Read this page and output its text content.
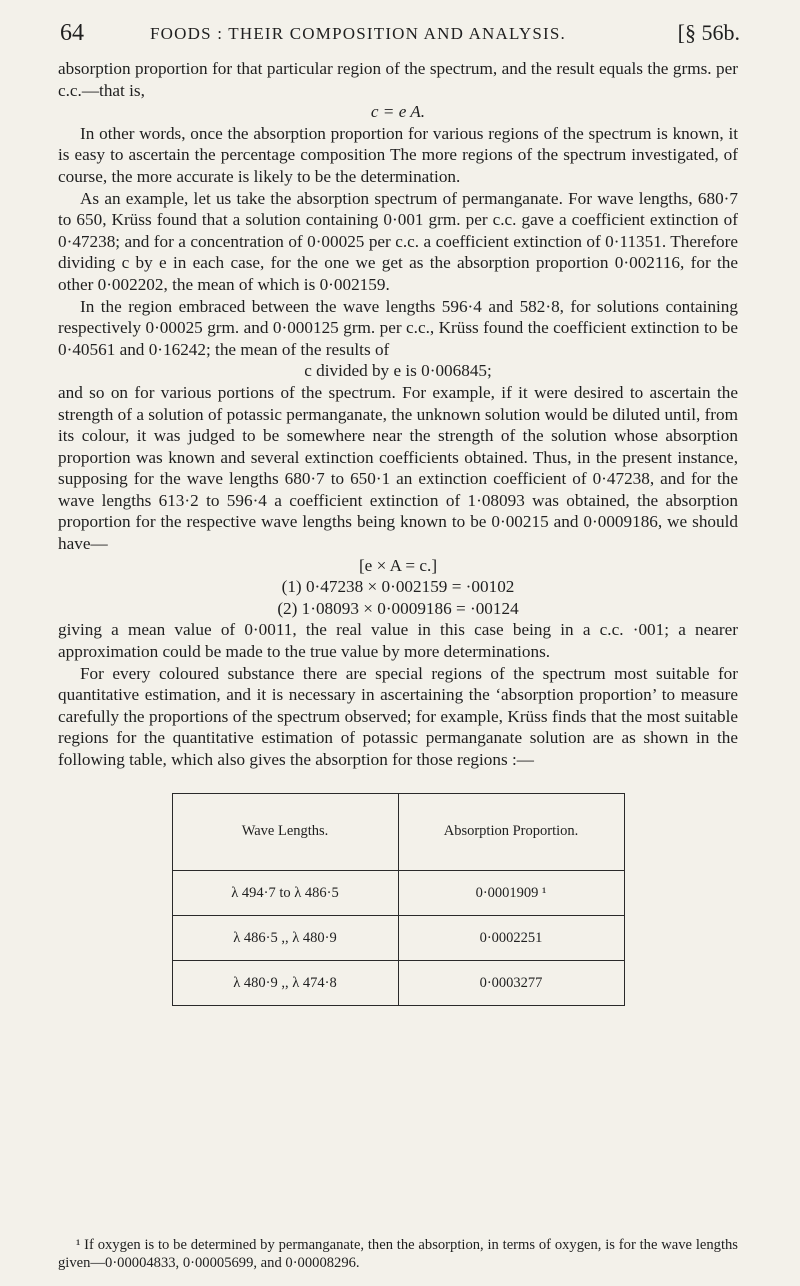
64	FOODS : THEIR COMPOSITION AND ANALYSIS.	[§ 56b.

absorption proportion for that particular region of the spectrum, and the result equals the grms. per c.c.—that is,

c = e A.

In other words, once the absorption proportion for various regions of the spectrum is known, it is easy to ascertain the percentage composition The more regions of the spectrum investigated, of course, the more accurate is likely to be the determination.

As an example, let us take the absorption spectrum of permanganate. For wave lengths, 680·7 to 650, Krüss found that a solution containing 0·001 grm. per c.c. gave a coefficient extinction of 0·47238; and for a concentration of 0·00025 per c.c. a coefficient extinction of 0·11351. Therefore dividing c by e in each case, for the one we get as the absorption proportion 0·002116, for the other 0·002202, the mean of which is 0·002159.

In the region embraced between the wave lengths 596·4 and 582·8, for solutions containing respectively 0·00025 grm. and 0·000125 grm. per c.c., Krüss found the coefficient extinction to be 0·40561 and 0·16242; the mean of the results of

c divided by e is 0·006845;

and so on for various portions of the spectrum. For example, if it were desired to ascertain the strength of a solution of potassic permanganate, the unknown solution would be diluted until, from its colour, it was judged to be somewhere near the strength of the solution whose absorption proportion was known and several extinction coefficients obtained. Thus, in the present instance, supposing for the wave lengths 680·7 to 650·1 an extinction coefficient of 0·47238, and for the wave lengths 613·2 to 596·4 a coefficient extinction of 1·08093 was obtained, the absorption proportion for the respective wave lengths being known to be 0·00215 and 0·0009186, we should have—

[e × A = c.]

(1) 0·47238 × 0·002159 = ·00102

(2) 1·08093 × 0·0009186 = ·00124

giving a mean value of 0·0011, the real value in this case being in a c.c. ·001; a nearer approximation could be made to the true value by more determinations.

For every coloured substance there are special regions of the spectrum most suitable for quantitative estimation, and it is necessary in ascertaining the ‘absorption proportion’ to measure carefully the proportions of the spectrum observed; for example, Krüss finds that the most suitable regions for the quantitative estimation of potassic permanganate solution are as shown in the following table, which also gives the absorption for those regions :—

Wave Lengths.	Absorption Proportion.
λ 494·7 to λ 486·5	0·0001909 ¹
λ 486·5 ,, λ 480·9	0·0002251
λ 480·9 ,, λ 474·8	0·0003277

¹ If oxygen is to be determined by permanganate, then the absorption, in terms of oxygen, is for the wave lengths given—0·00004833, 0·00005699, and 0·00008296.
